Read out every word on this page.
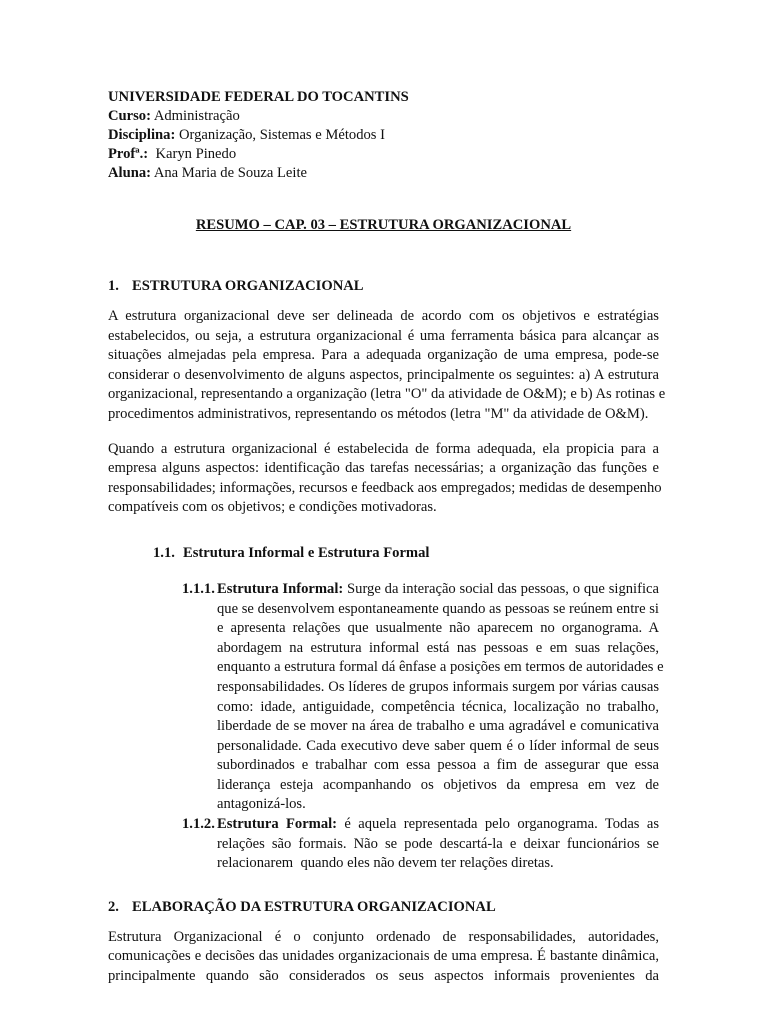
UNIVERSIDADE FEDERAL DO TOCANTINS
Curso: Administração
Disciplina: Organização, Sistemas e Métodos I
Profª.:  Karyn Pinedo
Aluna: Ana Maria de Souza Leite
RESUMO – CAP. 03 – ESTRUTURA ORGANIZACIONAL
1. ESTRUTURA ORGANIZACIONAL
A estrutura organizacional deve ser delineada de acordo com os objetivos e estratégias
estabelecidos, ou seja, a estrutura organizacional é uma ferramenta básica para alcançar as
situações almejadas pela empresa. Para a adequada organização de uma empresa, pode-se
considerar o desenvolvimento de alguns aspectos, principalmente os seguintes: a) A estrutura
organizacional, representando a organização (letra "O" da atividade de O&M); e b) As rotinas e
procedimentos administrativos, representando os métodos (letra "M" da atividade de O&M).
Quando a estrutura organizacional é estabelecida de forma adequada, ela propicia para a
empresa alguns aspectos: identificação das tarefas necessárias; a organização das funções e
responsabilidades; informações, recursos e feedback aos empregados; medidas de desempenho
compatíveis com os objetivos; e condições motivadoras.
1.1. Estrutura Informal e Estrutura Formal
1.1.1. Estrutura Informal: Surge da interação social das pessoas, o que significa
que se desenvolvem espontaneamente quando as pessoas se reúnem entre si
e apresenta relações que usualmente não aparecem no organograma. A
abordagem na estrutura informal está nas pessoas e em suas relações,
enquanto a estrutura formal dá ênfase a posições em termos de autoridades e
responsabilidades. Os líderes de grupos informais surgem por várias causas
como: idade, antiguidade, competência técnica, localização no trabalho,
liberdade de se mover na área de trabalho e uma agradável e comunicativa
personalidade. Cada executivo deve saber quem é o líder informal de seus
subordinados e trabalhar com essa pessoa a fim de assegurar que essa
liderança esteja acompanhando os objetivos da empresa em vez de
antagonizá-los.
1.1.2. Estrutura Formal: é aquela representada pelo organograma. Todas as
relações são formais. Não se pode descartá-la e deixar funcionários se
relacionarem  quando eles não devem ter relações diretas.
2. ELABORAÇÃO DA ESTRUTURA ORGANIZACIONAL
Estrutura Organizacional é o conjunto ordenado de responsabilidades, autoridades,
comunicações e decisões das unidades organizacionais de uma empresa. É bastante dinâmica,
principalmente quando são considerados os seus aspectos informais provenientes da
